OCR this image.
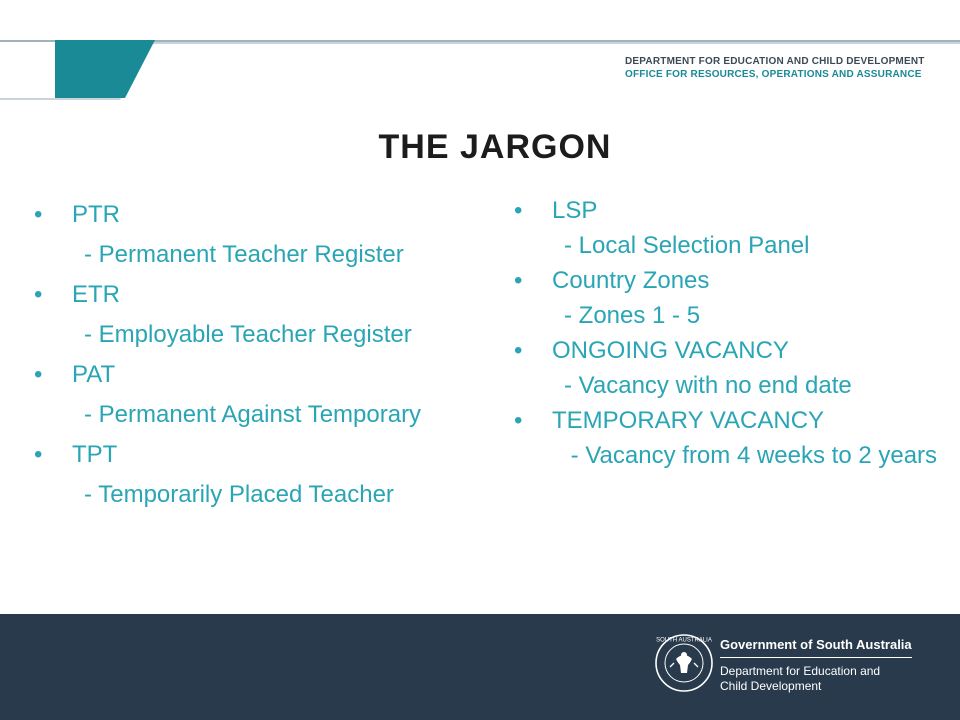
DEPARTMENT FOR EDUCATION AND CHILD DEVELOPMENT
OFFICE FOR RESOURCES, OPERATIONS AND ASSURANCE
THE JARGON
• PTR
- Permanent Teacher Register
• ETR
- Employable Teacher Register
• PAT
- Permanent Against Temporary
• TPT
- Temporarily Placed Teacher
• LSP
- Local Selection Panel
• Country Zones
- Zones 1 - 5
• ONGOING VACANCY
- Vacancy with no end date
• TEMPORARY VACANCY
- Vacancy from 4 weeks to 2 years
SOUTH AUSTRALIA Government of South Australia
Department for Education and
Child Development
